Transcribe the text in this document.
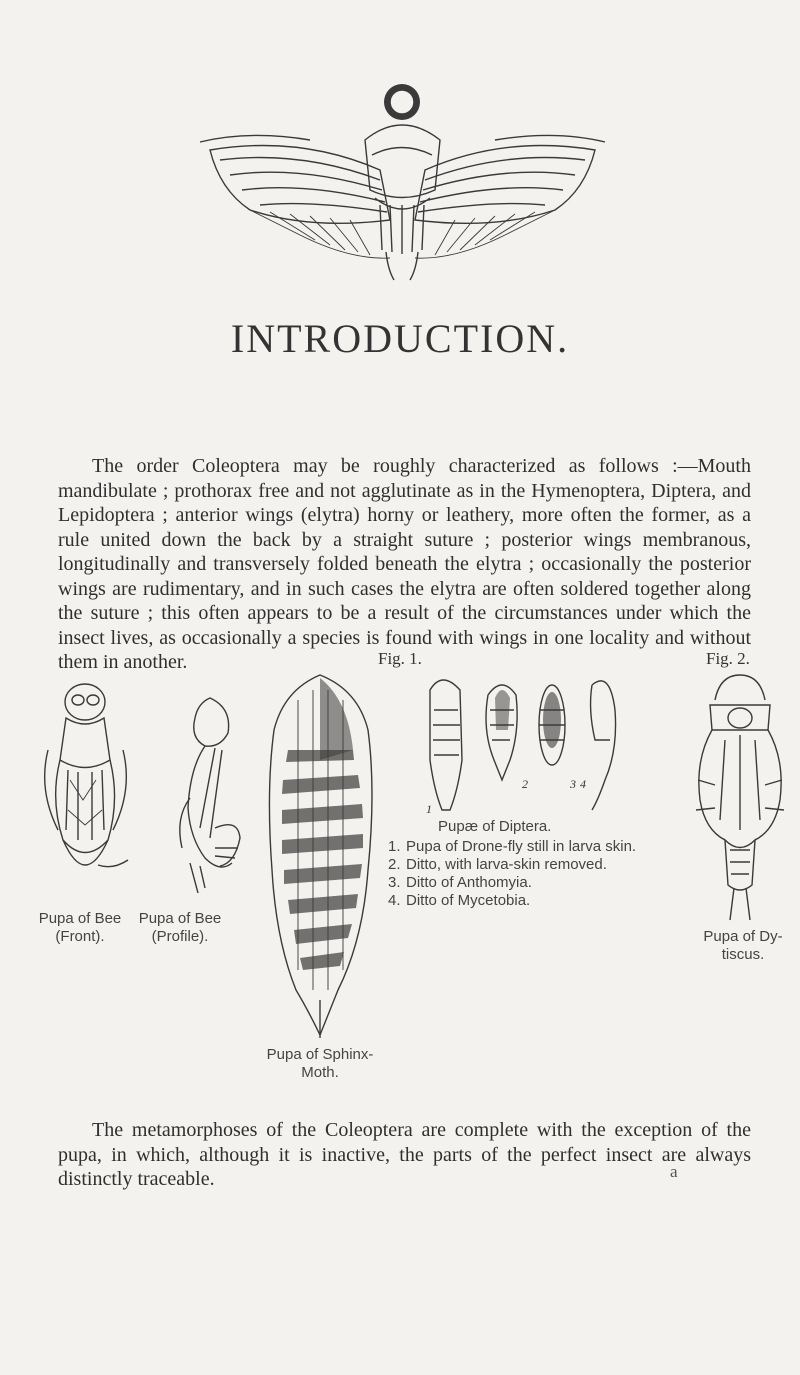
INTRODUCTION.

The order Coleoptera may be roughly characterized as follows :—Mouth mandibulate ; prothorax free and not agglutinate as in the Hymenoptera, Diptera, and Lepidoptera ; anterior wings (elytra) horny or leathery, more often the former, as a rule united down the back by a straight suture ; posterior wings membranous, longitudinally and transversely folded beneath the elytra ; occasionally the posterior wings are rudimentary, and in such cases the elytra are often soldered together along the suture ; this often appears to be a result of the circumstances under which the insect lives, as occasionally a species is found with wings in one locality and without them in another.	Fig. 1.	Fig. 2.
1
2	3 4
Pupa of Bee
(Front).
Pupa of Bee
(Profile).
Pupa of Sphinx-
Moth.
Pupa of Dy-
tiscus.
Pupæ of Diptera.
1. Pupa of Drone-fly still in larva skin.
2. Ditto, with larva-skin removed.
3. Ditto of Anthomyia.
4. Ditto of Mycetobia.

The metamorphoses of the Coleoptera are complete with the exception of the pupa, in which, although it is inactive, the parts of the perfect insect are always distinctly traceable.	a
